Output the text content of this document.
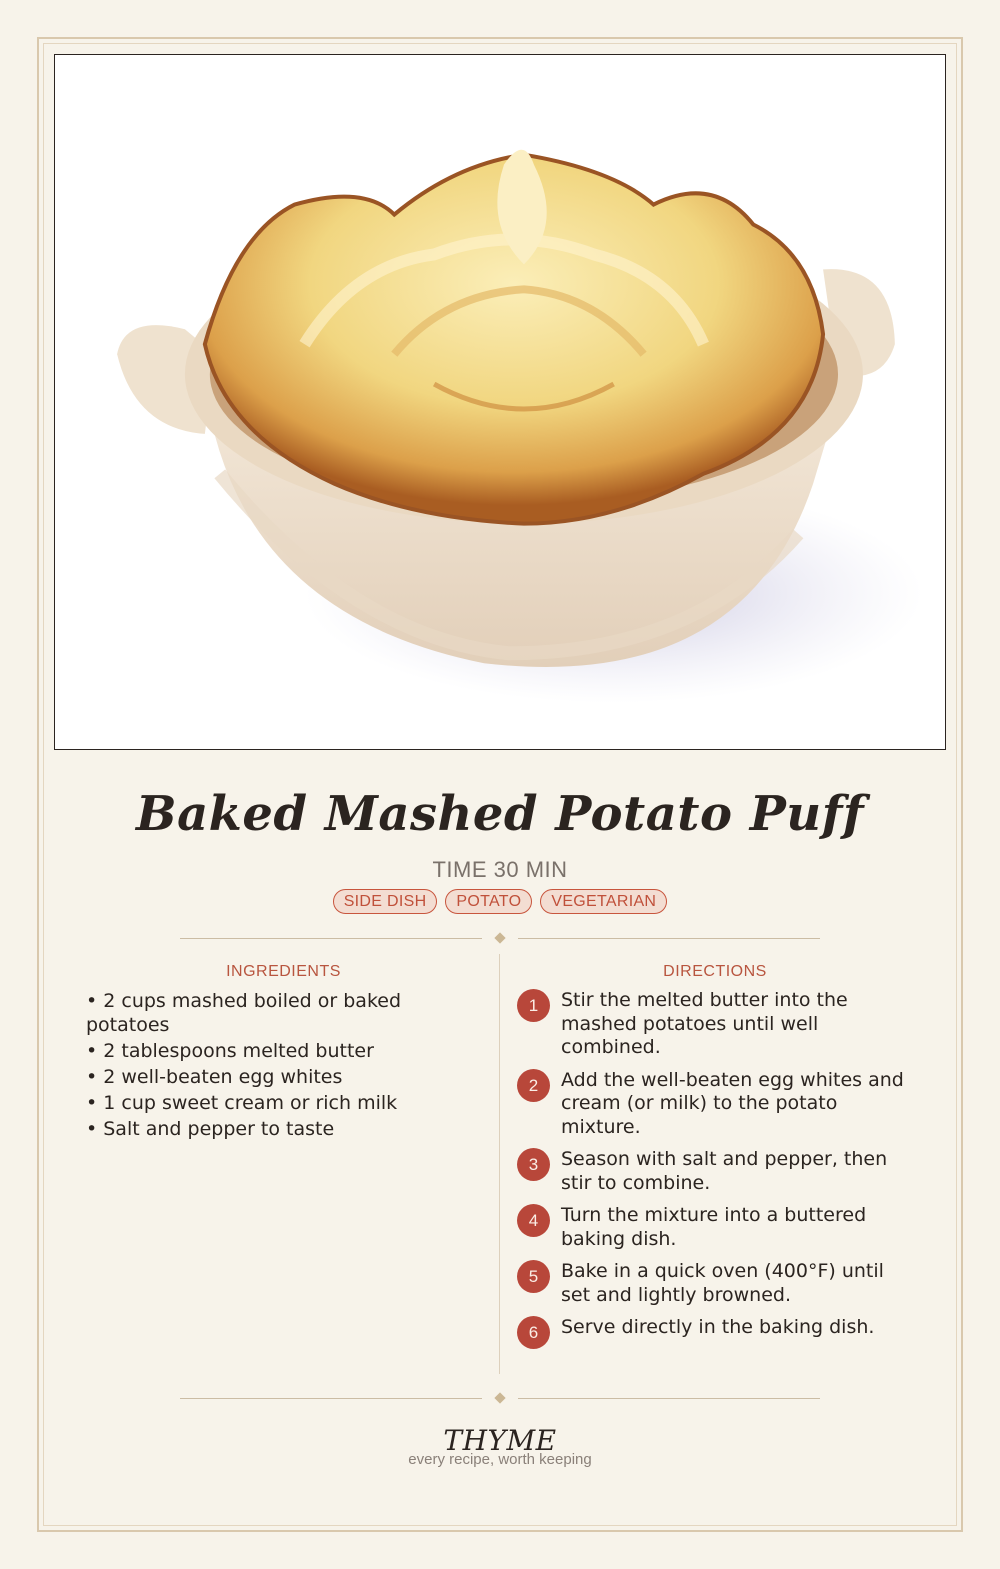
Baked Mashed Potato Puff
TIME 30 MIN
SIDE DISH	POTATO	VEGETARIAN
INGREDIENTS
• 2 cups mashed boiled or baked potatoes
• 2 tablespoons melted butter
• 2 well-beaten egg whites
• 1 cup sweet cream or rich milk
• Salt and pepper to taste
DIRECTIONS
1	Stir the melted butter into the mashed potatoes until well combined.
2	Add the well-beaten egg whites and cream (or milk) to the potato mixture.
3	Season with salt and pepper, then stir to combine.
4	Turn the mixture into a buttered baking dish.
5	Bake in a quick oven (400°F) until set and lightly browned.
6	Serve directly in the baking dish.
THYME
every recipe, worth keeping
